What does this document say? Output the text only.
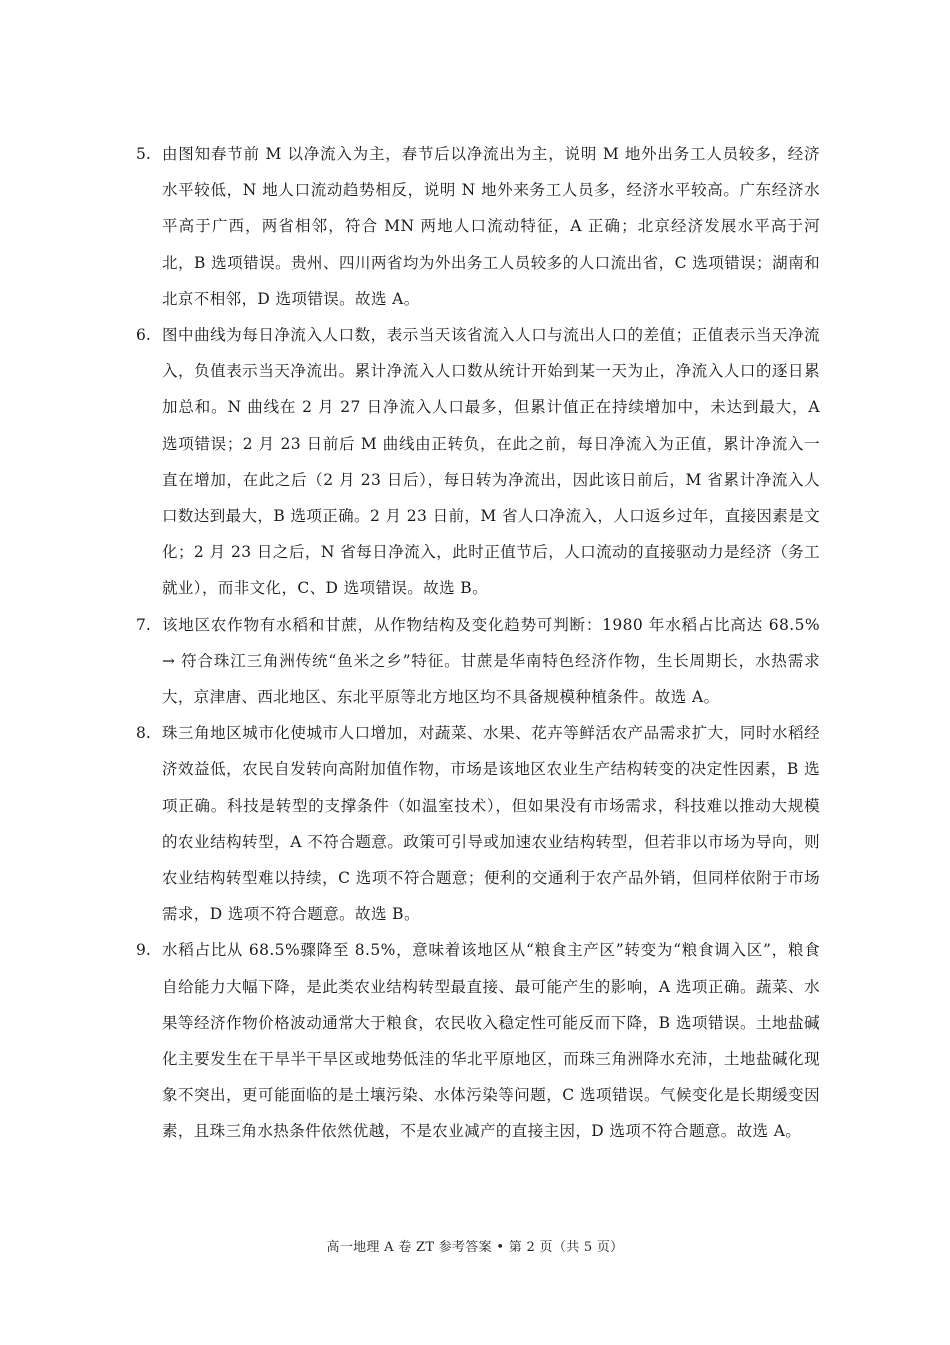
5. 由图知春节前 M 以净流入为主，春节后以净流出为主，说明 M 地外出务工人员较多，经济水平较低，N 地人口流动趋势相反，说明 N 地外来务工人员多，经济水平较高。广东经济水平高于广西，两省相邻，符合 MN 两地人口流动特征，A 正确；北京经济发展水平高于河北，B 选项错误。贵州、四川两省均为外出务工人员较多的人口流出省，C 选项错误；湖南和北京不相邻，D 选项错误。故选 A。
6. 图中曲线为每日净流入人口数，表示当天该省流入人口与流出人口的差值；正值表示当天净流入，负值表示当天净流出。累计净流入人口数从统计开始到某一天为止，净流入人口的逐日累加总和。N 曲线在 2 月 27 日净流入人口最多，但累计值正在持续增加中，未达到最大，A 选项错误；2 月 23 日前后 M 曲线由正转负，在此之前，每日净流入为正值，累计净流入一直在增加，在此之后（2 月 23 日后），每日转为净流出，因此该日前后，M 省累计净流入人口数达到最大，B 选项正确。2 月 23 日前，M 省人口净流入，人口返乡过年，直接因素是文化；2 月 23 日之后，N 省每日净流入，此时正值节后，人口流动的直接驱动力是经济（务工就业），而非文化，C、D 选项错误。故选 B。
7. 该地区农作物有水稻和甘蔗，从作物结构及变化趋势可判断：1980 年水稻占比高达 68.5% → 符合珠江三角洲传统“鱼米之乡”特征。甘蔗是华南特色经济作物，生长周期长，水热需求大，京津唐、西北地区、东北平原等北方地区均不具备规模种植条件。故选 A。
8. 珠三角地区城市化使城市人口增加，对蔬菜、水果、花卉等鲜活农产品需求扩大，同时水稻经济效益低，农民自发转向高附加值作物，市场是该地区农业生产结构转变的决定性因素，B 选项正确。科技是转型的支撑条件（如温室技术），但如果没有市场需求，科技难以推动大规模的农业结构转型，A 不符合题意。政策可引导或加速农业结构转型，但若非以市场为导向，则农业结构转型难以持续，C 选项不符合题意；便利的交通利于农产品外销，但同样依附于市场需求，D 选项不符合题意。故选 B。
9. 水稻占比从 68.5%骤降至 8.5%，意味着该地区从“粮食主产区”转变为“粮食调入区”，粮食自给能力大幅下降，是此类农业结构转型最直接、最可能产生的影响，A 选项正确。蔬菜、水果等经济作物价格波动通常大于粮食，农民收入稳定性可能反而下降，B 选项错误。土地盐碱化主要发生在干旱半干旱区或地势低洼的华北平原地区，而珠三角洲降水充沛，土地盐碱化现象不突出，更可能面临的是土壤污染、水体污染等问题，C 选项错误。气候变化是长期缓变因素，且珠三角水热条件依然优越，不是农业减产的直接主因，D 选项不符合题意。故选 A。
高一地理 A 卷 ZT 参考答案 • 第 2 页（共 5 页）
